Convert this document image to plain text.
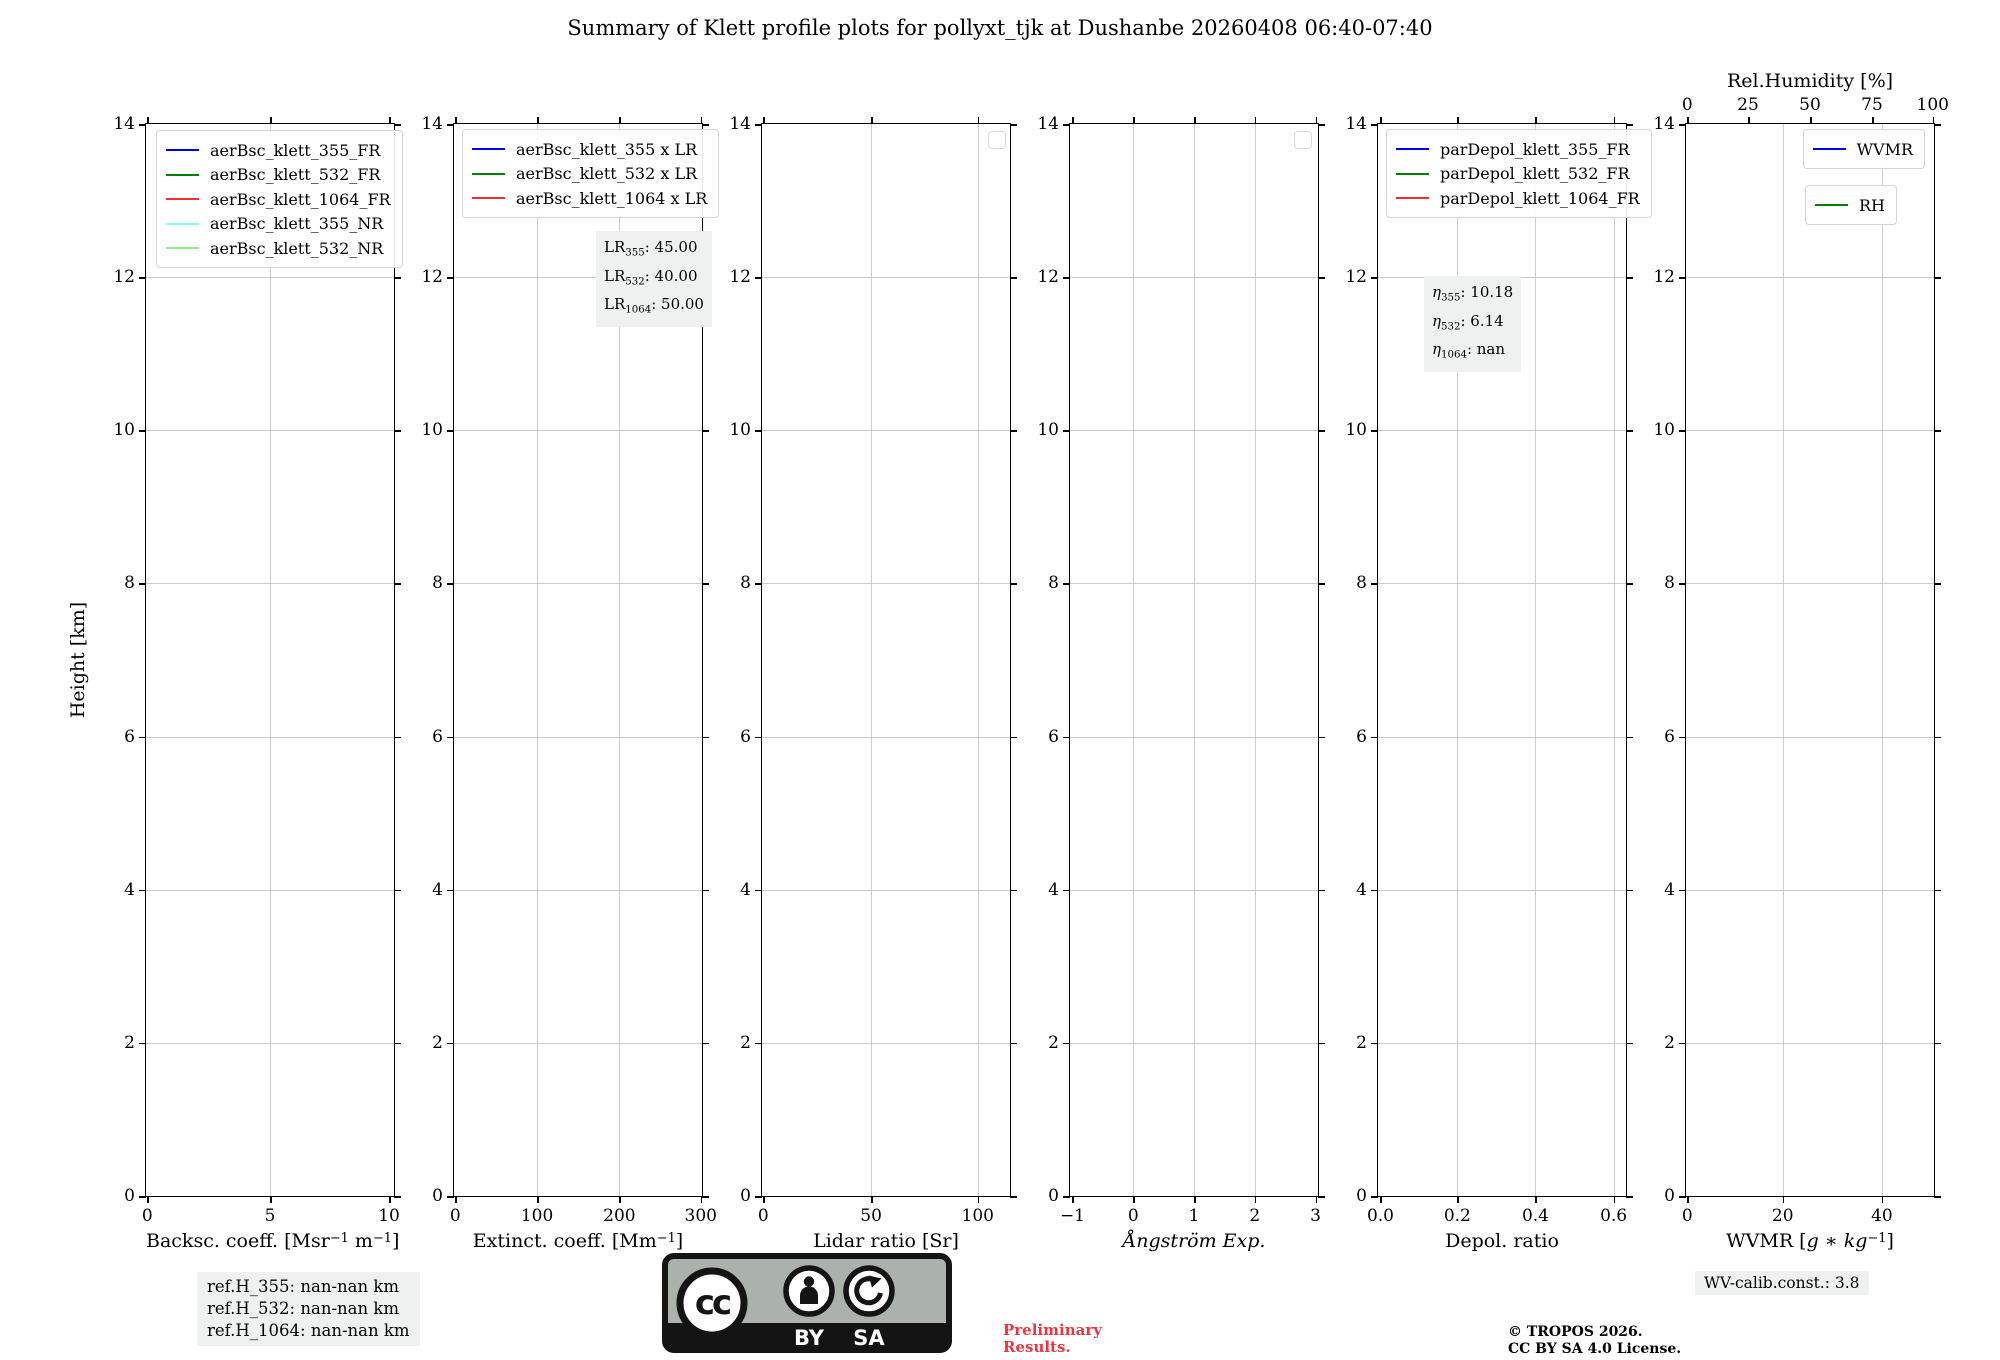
Summary of Klett profile plots for pollyxt_tjk at Dushanbe 20260408 06:40-07:40
Height [km]
0	5	10
0
2
4
6
8
10
12
14
Backsc. coeff. [Msr$^{-1}$ $m^{-1}$]
aerBsc_klett_355_FR
aerBsc_klett_532_FR
aerBsc_klett_1064_FR
aerBsc_klett_355_NR
aerBsc_klett_532_NR
0	100	200	300
0
2
4
6
8
10
12
14
Extinct. coeff. $[Mm^{-1}]$
aerBsc_klett_355 x LR
aerBsc_klett_532 x LR
aerBsc_klett_1064 x LR
$LR_{355}$: 45.00
$LR_{532}$: 40.00
$LR_{1064}$: 50.00
0	50	100
0
2
4
6
8
10
12
14
Lidar ratio [Sr]
−1	0	1	2	3
0
2
4
6
8
10
12
14
Ångström Exp.
0.0	0.2	0.4	0.6
0
2
4
6
8
10
12
14
Depol. ratio
parDepol_klett_355_FR
parDepol_klett_532_FR
parDepol_klett_1064_FR
$\eta_{355}$: 10.18
$\eta_{532}$: 6.14
$\eta_{1064}$: nan
0	20	40
0	25 50 75 100
Rel.Humidity [%]
0
2
4
6
8
10
12
14
WVMR [g ∗ $kg^{-1}$]
WVMR
RH
ref.H_355: nan-nan km
ref.H_532: nan-nan km
ref.H_1064: nan-nan km
cc
BY SA	Preliminary
Results.
© TROPOS 2026.
CC BY SA 4.0 License.
WV-calib.const.: 3.8
